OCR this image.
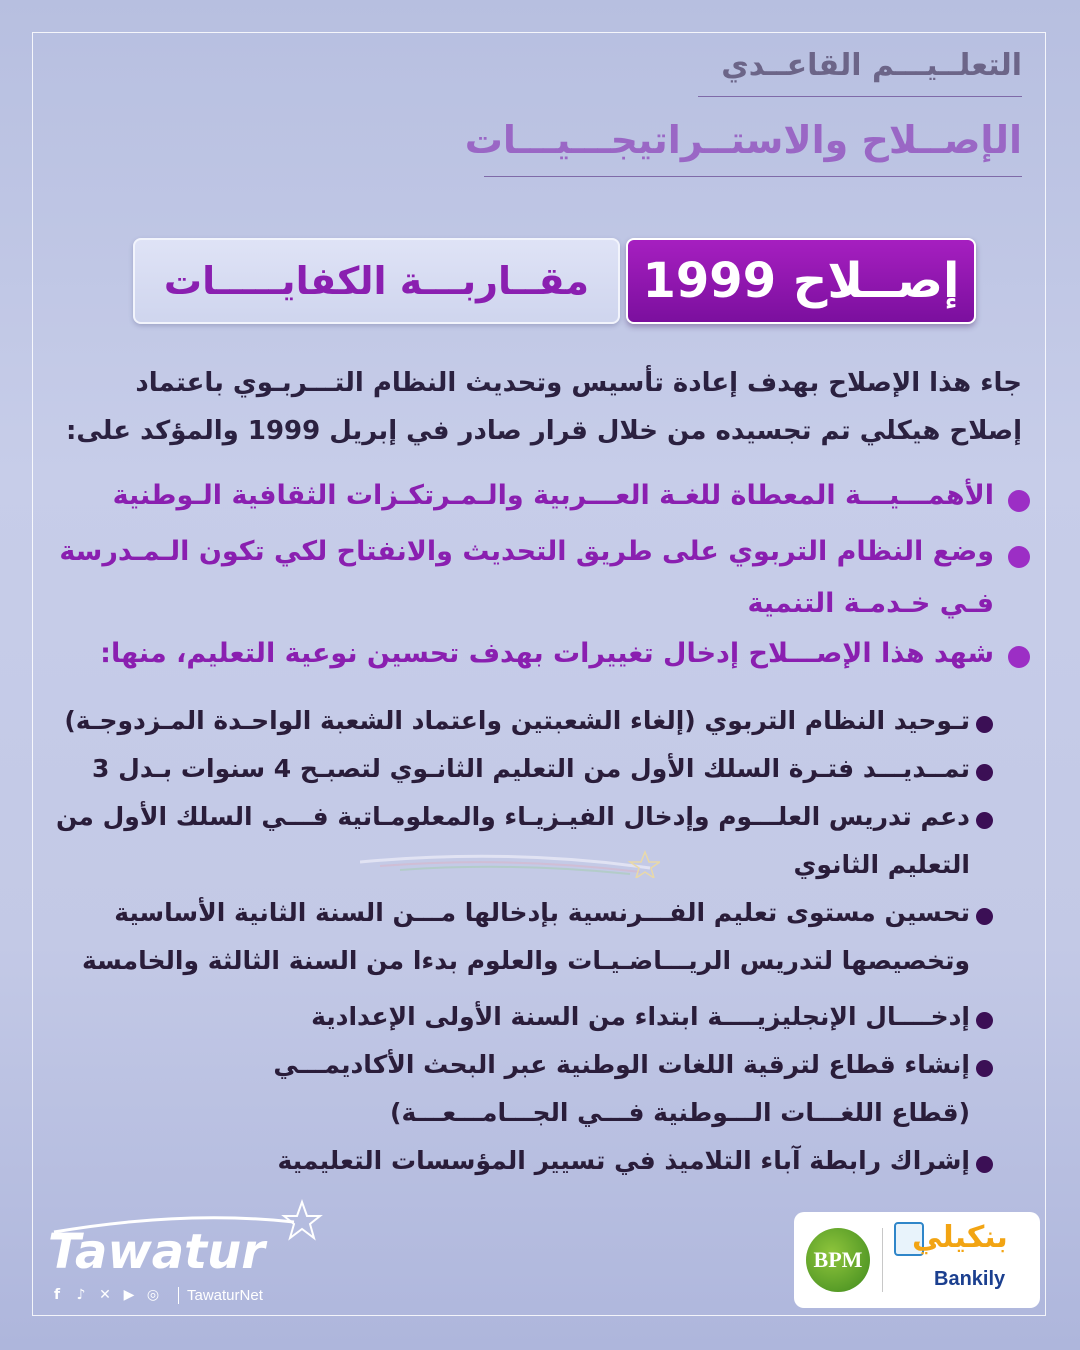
التعلــيـــم القاعــدي
الإصــلاح والاستــراتيجـــيـــات
إصــلاح 1999
مقــاربـــة الكفايـــــات
جاء هذا الإصلاح بهدف إعادة تأسيس وتحديث النظام التـــربـوي باعتماد
إصلاح هيكلي تم تجسيده من خلال قرار صادر في إبريل 1999 والمؤكد على:
الأهمـــيـــة المعطاة للغـة العـــربية والـمـرتكـزات الثقافية الـوطنية
وضع النظام التربوي على طريق التحديث والانفتاح لكي تكون الـمـدرسة
فـي خـدمـة التنمية
شهد هذا الإصـــلاح إدخال تغييرات بهدف تحسين نوعية التعليم، منها:
تـوحيد النظام التربوي (إلغاء الشعبتين واعتماد الشعبة الواحـدة المـزدوجـة)
تمــديـــد فتـرة السلك الأول من التعليم الثانـوي لتصبـح 4 سنوات بـدل 3
دعم تدريس العلـــوم وإدخال الفيـزيـاء والمعلومـاتية فـــي السلك الأول من
التعليم الثانوي
تحسين مستوى تعليم الفـــرنسية بإدخالها مـــن السنة الثانية الأساسية
وتخصيصها لتدريس الريـــاضـيـات والعلوم بدءا من السنة الثالثة والخامسة
إدخــــال الإنجليزيــــة ابتداء من السنة الأولى الإعدادية
إنشاء قطاع لترقية اللغات الوطنية عبر البحث الأكاديمـــي
(قطاع اللغـــات الـــوطنية فـــي الجـــامـــعـــة)
إشراك رابطة آباء التلاميذ في تسيير المؤسسات التعليمية
Tawatur
f	♪ ✕ ▶ ◎	TawaturNet
BPM
بنكيلي
Bankily
